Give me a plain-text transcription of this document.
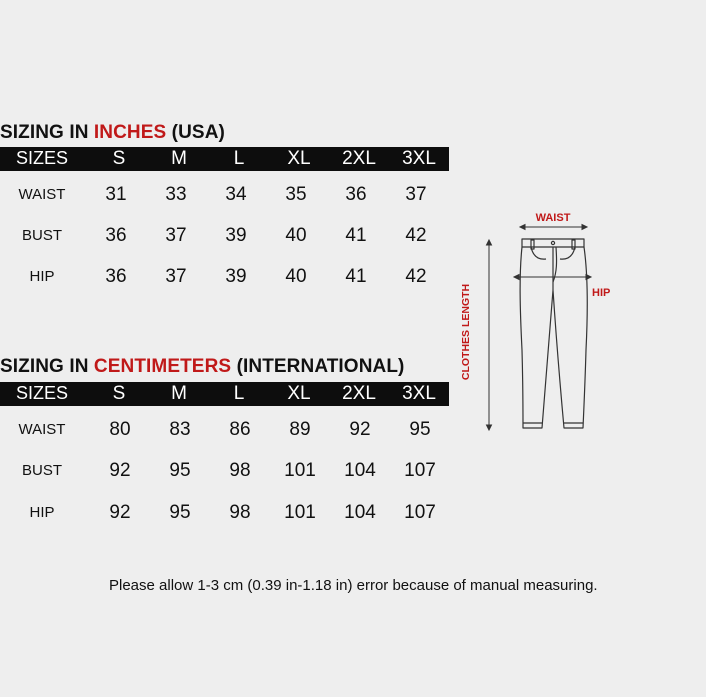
SIZING IN INCHES (USA)
SIZES	S	M	L	XL	2XL	3XL
WAIST	31	33	34	35	36	37
BUST	36	37	39	40	41	42
HIP	36	37	39	40	41	42
SIZING IN CENTIMETERS (INTERNATIONAL)
SIZES	S	M	L	XL	2XL	3XL
WAIST	80	83	86	89	92	95
BUST	92	95	98	101	104	107
HIP	92	95	98	101	104	107
WAIST
HIP
CLOTHES LENGTH
Please allow 1-3 cm (0.39 in-1.18 in) error because of manual measuring.
